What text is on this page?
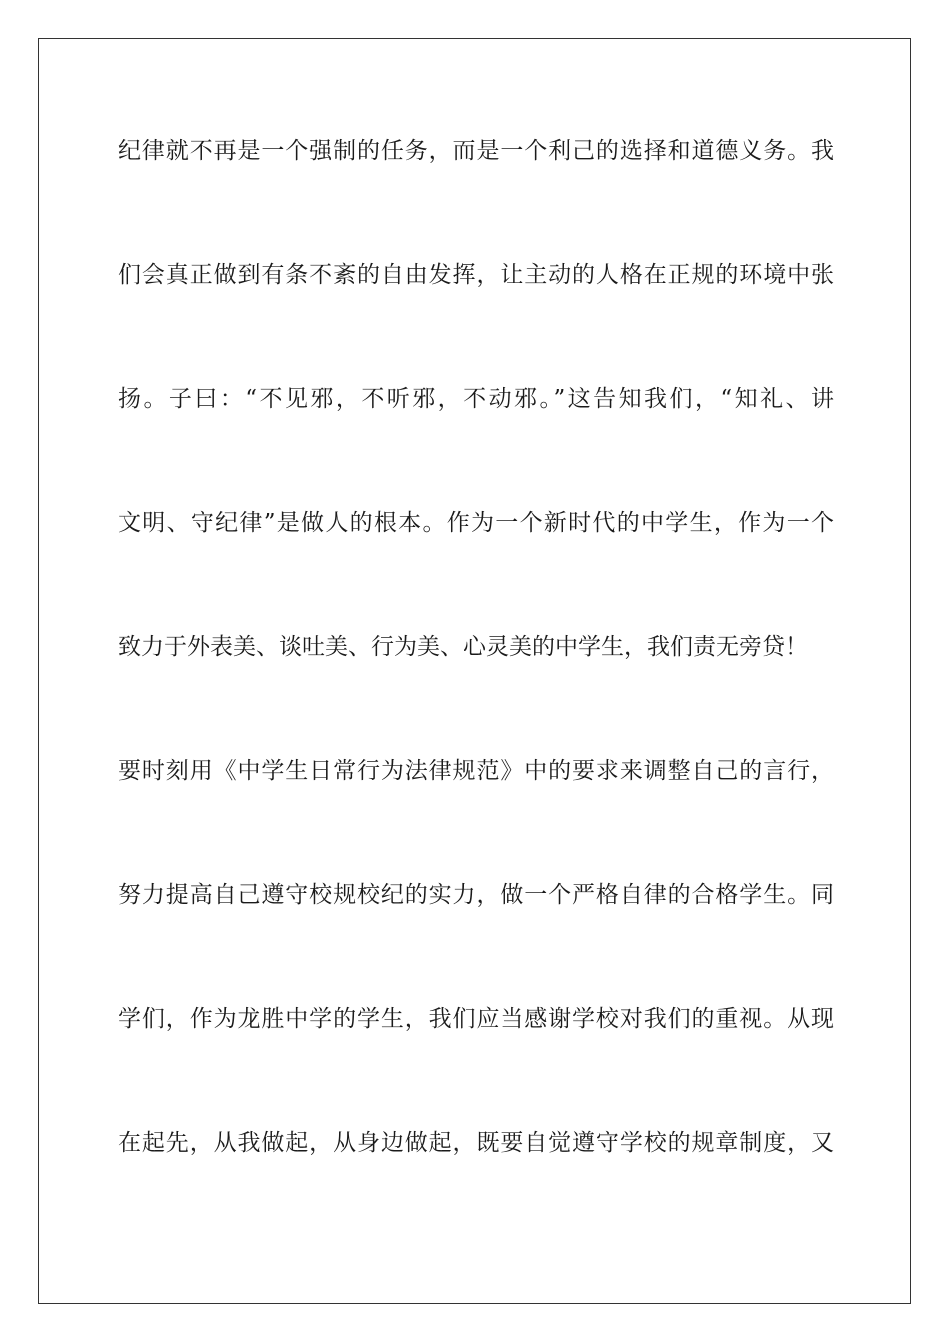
纪律就不再是一个强制的任务，而是一个利己的选择和道德义务。我
们会真正做到有条不紊的自由发挥，让主动的人格在正规的环境中张
扬。子曰：“不见邪，不听邪，不动邪。”这告知我们，“知礼、讲
文明、守纪律”是做人的根本。作为一个新时代的中学生，作为一个
致力于外表美、谈吐美、行为美、心灵美的中学生，我们责无旁贷！
要时刻用《中学生日常行为法律规范》中的要求来调整自己的言行，
努力提高自己遵守校规校纪的实力，做一个严格自律的合格学生。同
学们，作为龙胜中学的学生，我们应当感谢学校对我们的重视。从现
在起先，从我做起，从身边做起，既要自觉遵守学校的规章制度，又
